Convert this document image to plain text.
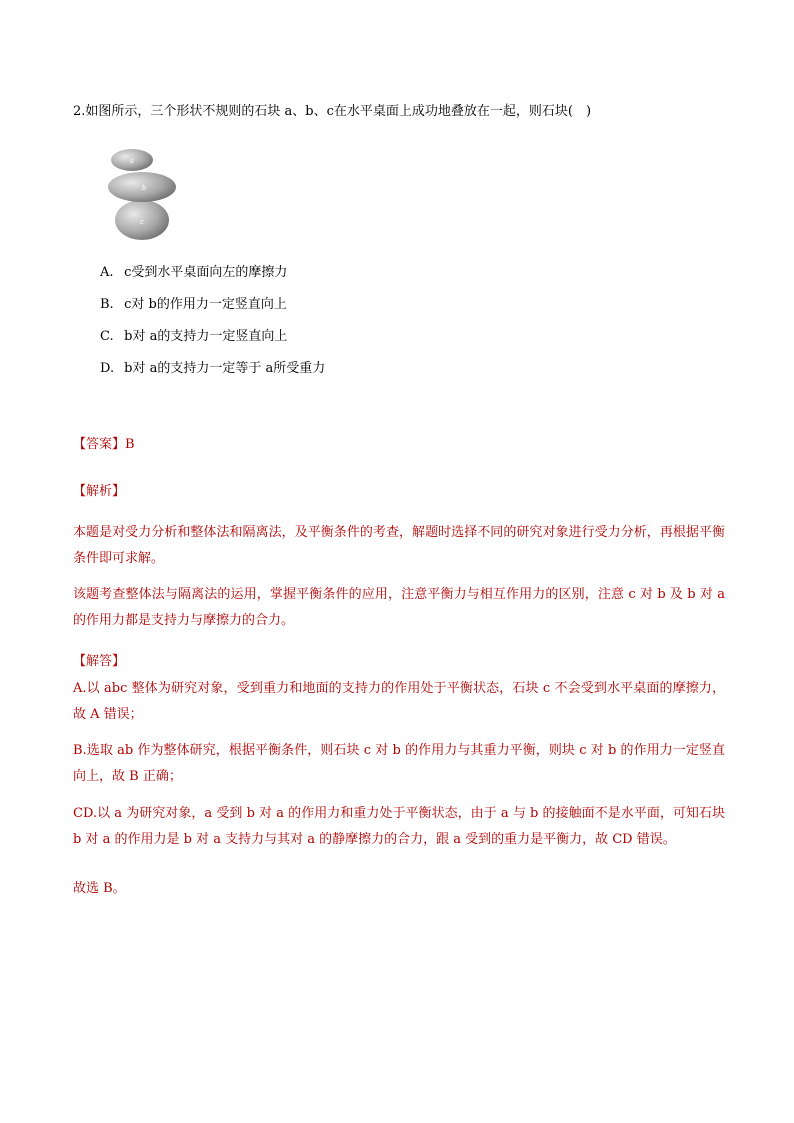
2.如图所示，三个形状不规则的石块 a、b、c在水平桌面上成功地叠放在一起，则石块(　)
a
b
c
A. c受到水平桌面向左的摩擦力
B. c对 b的作用力一定竖直向上
C. b对 a的支持力一定竖直向上
D. b对 a的支持力一定等于 a所受重力
【答案】B
【解析】
本题是对受力分析和整体法和隔离法，及平衡条件的考查，解题时选择不同的研究对象进行受力分析，再根据平衡条件即可求解。
该题考查整体法与隔离法的运用，掌握平衡条件的应用，注意平衡力与相互作用力的区别，注意 c 对 b 及 b 对 a 的作用力都是支持力与摩擦力的合力。
【解答】
A.以 abc 整体为研究对象，受到重力和地面的支持力的作用处于平衡状态，石块 c 不会受到水平桌面的摩擦力，故 A 错误；
B.选取 ab 作为整体研究，根据平衡条件，则石块 c 对 b 的作用力与其重力平衡，则块 c 对 b 的作用力一定竖直向上，故 B 正确；
CD.以 a 为研究对象，a 受到 b 对 a 的作用力和重力处于平衡状态，由于 a 与 b 的接触面不是水平面，可知石块 b 对 a 的作用力是 b 对 a 支持力与其对 a 的静摩擦力的合力，跟 a 受到的重力是平衡力，故 CD 错误。
故选 B。
